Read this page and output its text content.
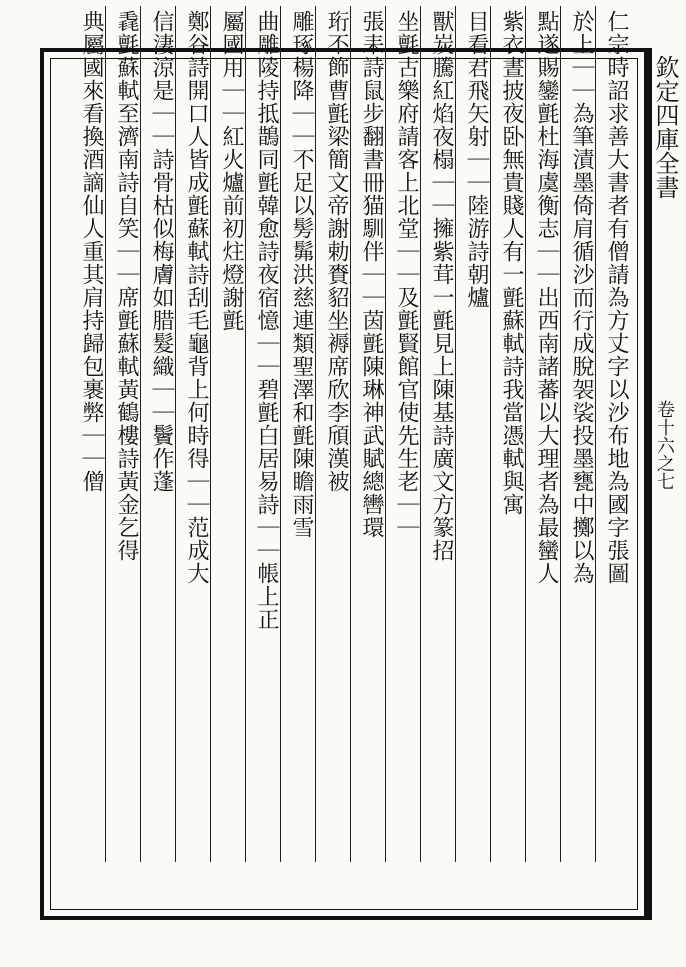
欽定四庫全書
卷十六之七
仁宗時詔求善大書者有僧請為方丈字以沙布地為國字張圖
於上｜｜為筆漬墨倚肩循沙而行成脫袈裟投墨甕中擲以為
點遂賜鑾氈杜海虞衡志｜｜出西南諸蕃以大理者為最蠻人
紫衣晝披夜卧無貴賤人有一氈蘇軾詩我當憑軾與寓
目看君飛矢射｜｜陸游詩朝爐
獸炭騰紅焰夜榻｜｜擁紫茸一氈見上陳基詩廣文方篆招
坐氈古樂府請客上北堂｜｜及氈賢館官使先生老｜｜
張耒詩鼠步翻書冊猫馴伴｜｜茵氈陳琳神武賦總轡環
珩不飾曹氈梁簡文帝謝勅賚貂坐褥席欣李頎漢被
雕琢楊降｜｜不足以髣髴洪慈連類聖澤和氈陳瞻雨雪
曲雕陵持抵鵲同氈韓愈詩夜宿憶｜｜碧氈白居易詩｜｜帳上正
屬國用｜｜紅火爐前初炷燈謝氈
鄭谷詩開口人皆成氈蘇軾詩刮毛龜背上何時得｜｜范成大
信淒涼是｜｜詩骨枯似梅膚如腊髮織｜｜鬢作蓬
毳氈蘇軾至濟南詩自笑｜｜席氈蘇軾黃鶴樓詩黃金乞得
典屬國來看換酒謫仙人重其肩持歸包裹弊｜｜僧
